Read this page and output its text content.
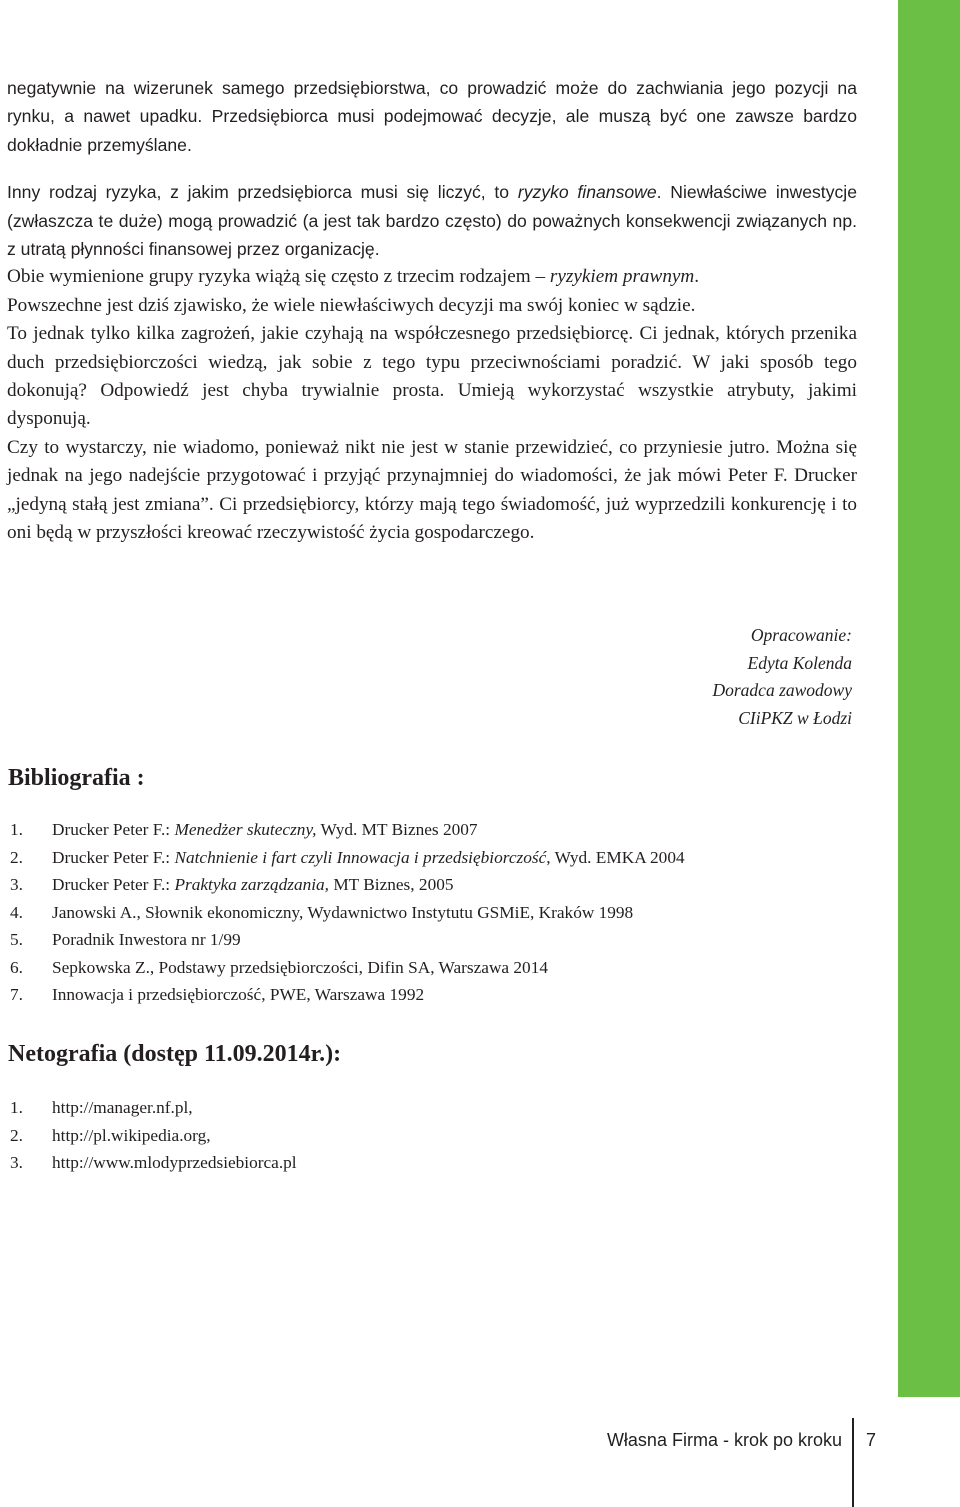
negatywnie na wizerunek samego przedsiębiorstwa, co prowadzić może do zachwiania jego pozycji na rynku, a nawet upadku. Przedsiębiorca musi podejmować decyzje, ale muszą być one zawsze bardzo dokładnie przemyślane.

Inny rodzaj ryzyka, z jakim przedsiębiorca musi się liczyć, to ryzyko finansowe. Niewłaściwe inwestycje (zwłaszcza te duże) mogą prowadzić (a jest tak bardzo często) do poważnych konsekwencji związanych np. z utratą płynności finansowej przez organizację.

Obie wymienione grupy ryzyka wiążą się często z trzecim rodzajem – ryzykiem prawnym.

Powszechne jest dziś zjawisko, że wiele niewłaściwych decyzji ma swój koniec w sądzie.

To jednak tylko kilka zagrożeń, jakie czyhają na współczesnego przedsiębiorcę. Ci jednak, których przenika duch przedsiębiorczości wiedzą, jak sobie z tego typu przeciwnościami poradzić. W jaki sposób tego dokonują? Odpowiedź jest chyba trywialnie prosta. Umieją wykorzystać wszystkie atrybuty, jakimi dysponują.

Czy to wystarczy, nie wiadomo, ponieważ nikt nie jest w stanie przewidzieć, co przyniesie jutro. Można się jednak na jego nadejście przygotować i przyjąć przynajmniej do wiadomości, że jak mówi Peter F. Drucker „jedyną stałą jest zmiana”. Ci przedsiębiorcy, którzy mają tego świadomość, już wyprzedzili konkurencję i to oni będą w przyszłości kreować rzeczywistość życia gospodarczego.

Opracowanie:
Edyta Kolenda
Doradca zawodowy
CIiPKZ w Łodzi
Bibliografia :
1.	Drucker Peter F.: Menedżer skuteczny, Wyd. MT Biznes 2007
2.	Drucker Peter F.: Natchnienie i fart czyli Innowacja i przedsiębiorczość, Wyd. EMKA 2004
3.	Drucker Peter F.: Praktyka zarządzania, MT Biznes, 2005
4.	Janowski A., Słownik ekonomiczny, Wydawnictwo Instytutu GSMiE, Kraków 1998
5.	Poradnik Inwestora nr 1/99
6.	Sepkowska Z., Podstawy przedsiębiorczości, Difin SA, Warszawa 2014
7.	Innowacja i przedsiębiorczość, PWE, Warszawa 1992
Netografia (dostęp 11.09.2014r.):
1.	http://manager.nf.pl,
2.	http://pl.wikipedia.org,
3.	http://www.mlodyprzedsiebiorca.pl
Własna Firma - krok po kroku 7
